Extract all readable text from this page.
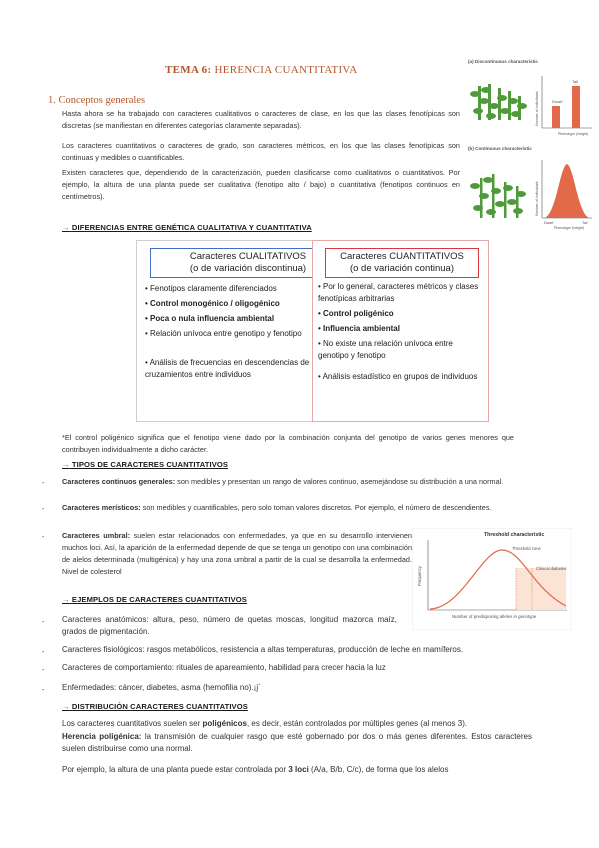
TEMA 6: HERENCIA CUANTITATIVA
1. Conceptos generales
Hasta ahora se ha trabajado con caracteres cualitativos o caracteres de clase, en los que las clases fenotípicas son discretas (se manifiestan en diferentes categorías claramente separadas).
Los caracteres cuantitativos o caracteres de grado, son caracteres métricos, en los que las clases fenotípicas son continuas y medibles o cuantificables.
Existen caracteres que, dependiendo de la caracterización, pueden clasificarse como cualitativos o cuantitativos. Por ejemplo, la altura de una planta puede ser cualitativa (fenotipo alto / bajo) o cuantitativa (fenotipos continuos en centímetros).
(a) Discontinuous characteristic
Dwarf
Tall
Number of individuals
Phenotype (height)
(b) Continuous characteristic
Dwarf	Tall
Phenotype (height)
Number of individuals
→ DIFERENCIAS ENTRE GENÉTICA CUALITATIVA Y CUANTITATIVA
Caracteres CUALITATIVOS
(o de variación discontinua)
• Fenotipos claramente diferenciados
• Control monogénico / oligogénico
• Poca o nula influencia ambiental
• Relación unívoca entre genotipo y fenotipo
• Análisis de frecuencias en descendencias de cruzamientos entre individuos
Caracteres CUANTITATIVOS
(o de variación continua)
• Por lo general, caracteres métricos y clases fenotípicas arbitrarias
• Control poligénico
• Influencia ambiental
• No existe una relación unívoca entre genotipo y fenotipo
• Análisis estadístico en grupos de individuos
*El control poligénico significa que el fenotipo viene dado por la combinación conjunta del genotipo de varios genes menores que contribuyen individualmente a dicho carácter.
→ TIPOS DE CARACTERES CUANTITATIVOS
- Caracteres continuos generales: son medibles y presentan un rango de valores continuo, asemejándose su distribución a una normal.
- Caracteres merísticos: son medibles y cuantificables, pero solo toman valores discretos. Por ejemplo, el número de descendientes.
- Caracteres umbral: suelen estar relacionados con enfermedades, ya que en su desarrollo intervienen muchos loci. Así, la aparición de la enfermedad depende de que se tenga un genotipo con una combinación de alelos determinada (multigénica) y hay una zona umbral a partir de la cual se desarrolla la enfermedad. Nivel de colesterol
Threshold characteristic
Frequency
Threshold zone
Clinical diabetes
Number of predisposing alleles in genotype
→ EJEMPLOS DE CARACTERES CUANTITATIVOS
- Caracteres anatómicos: altura, peso, número de quetas moscas, longitud mazorca maíz, grados de pigmentación.
- Caracteres fisiológicos: rasgos metabólicos, resistencia a altas temperaturas, producción de leche en mamíferos.
- Caracteres de comportamiento: rituales de apareamiento, habilidad para crecer hacia la luz
- Enfermedades: cáncer, diabetes, asma (hemofilia no).¡j´
→ DISTRIBUCIÓN CARACTERES CUANTITATIVOS
Los caracteres cuantitativos suelen ser poligénicos, es decir, están controlados por múltiples genes (al menos 3).
Herencia poligénica: la transmisión de cualquier rasgo que esté gobernado por dos o más genes diferentes. Estos caracteres suelen distribuirse como una normal.
Por ejemplo, la altura de una planta puede estar controlada por 3 loci (A/a, B/b, C/c), de forma que los alelos
